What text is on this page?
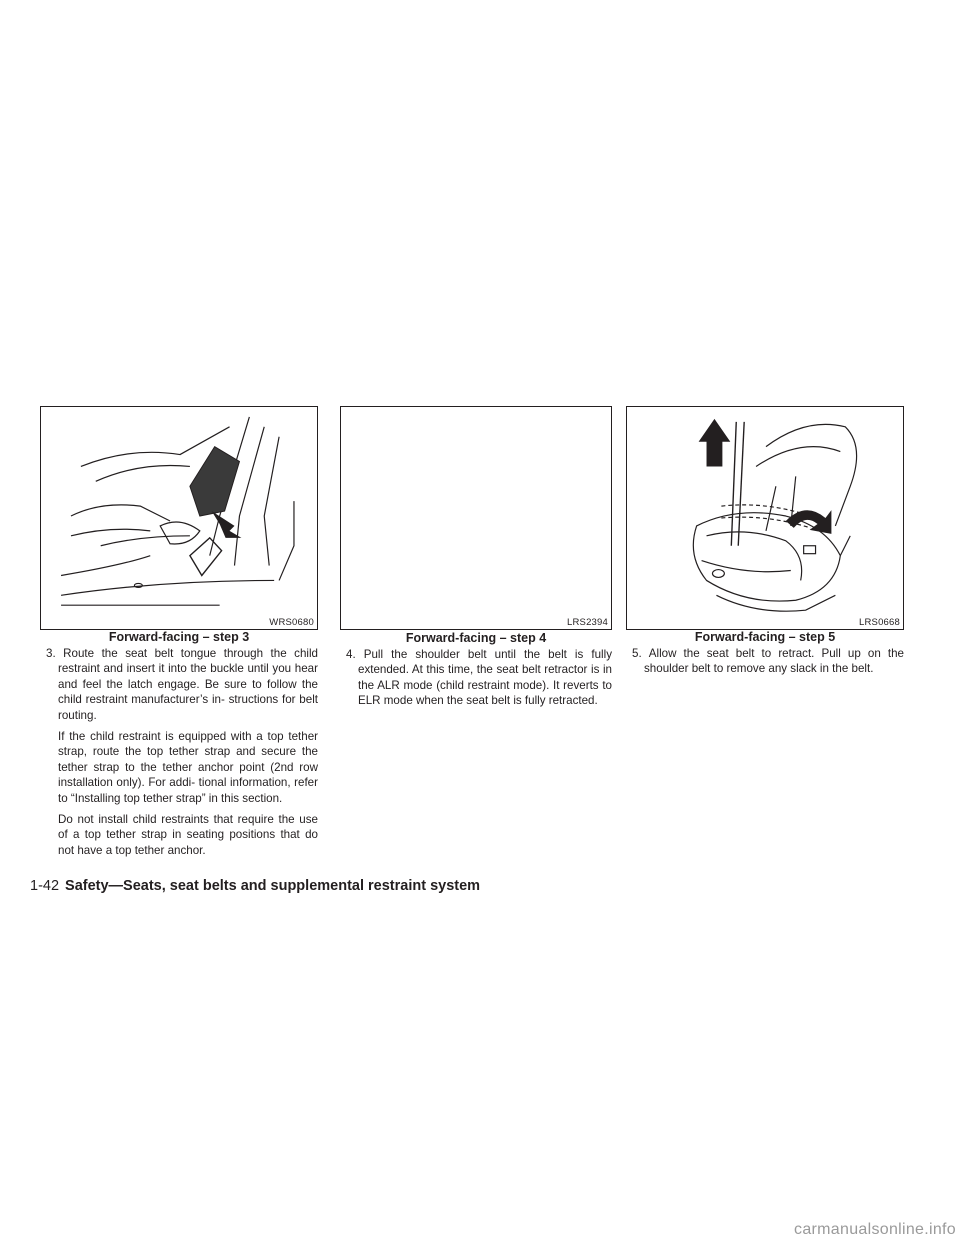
WRS0680
Forward-facing – step 3

3. Route the seat belt tongue through the child restraint and insert it into the buckle until you hear and feel the latch engage. Be sure to follow the child restraint manufacturer’s in- structions for belt routing.

If the child restraint is equipped with a top tether strap, route the top tether strap and secure the tether strap to the tether anchor point (2nd row installation only). For addi- tional information, refer to “Installing top tether strap” in this section.

Do not install child restraints that require the use of a top tether strap in seating positions that do not have a top tether anchor.

LRS2394
Forward-facing – step 4

4. Pull the shoulder belt until the belt is fully extended. At this time, the seat belt retractor is in the ALR mode (child restraint mode). It reverts to ELR mode when the seat belt is fully retracted.

LRS0668
Forward-facing – step 5

5. Allow the seat belt to retract. Pull up on the shoulder belt to remove any slack in the belt.

1-42 Safety—Seats, seat belts and supplemental restraint system
carmanualsonline.info
